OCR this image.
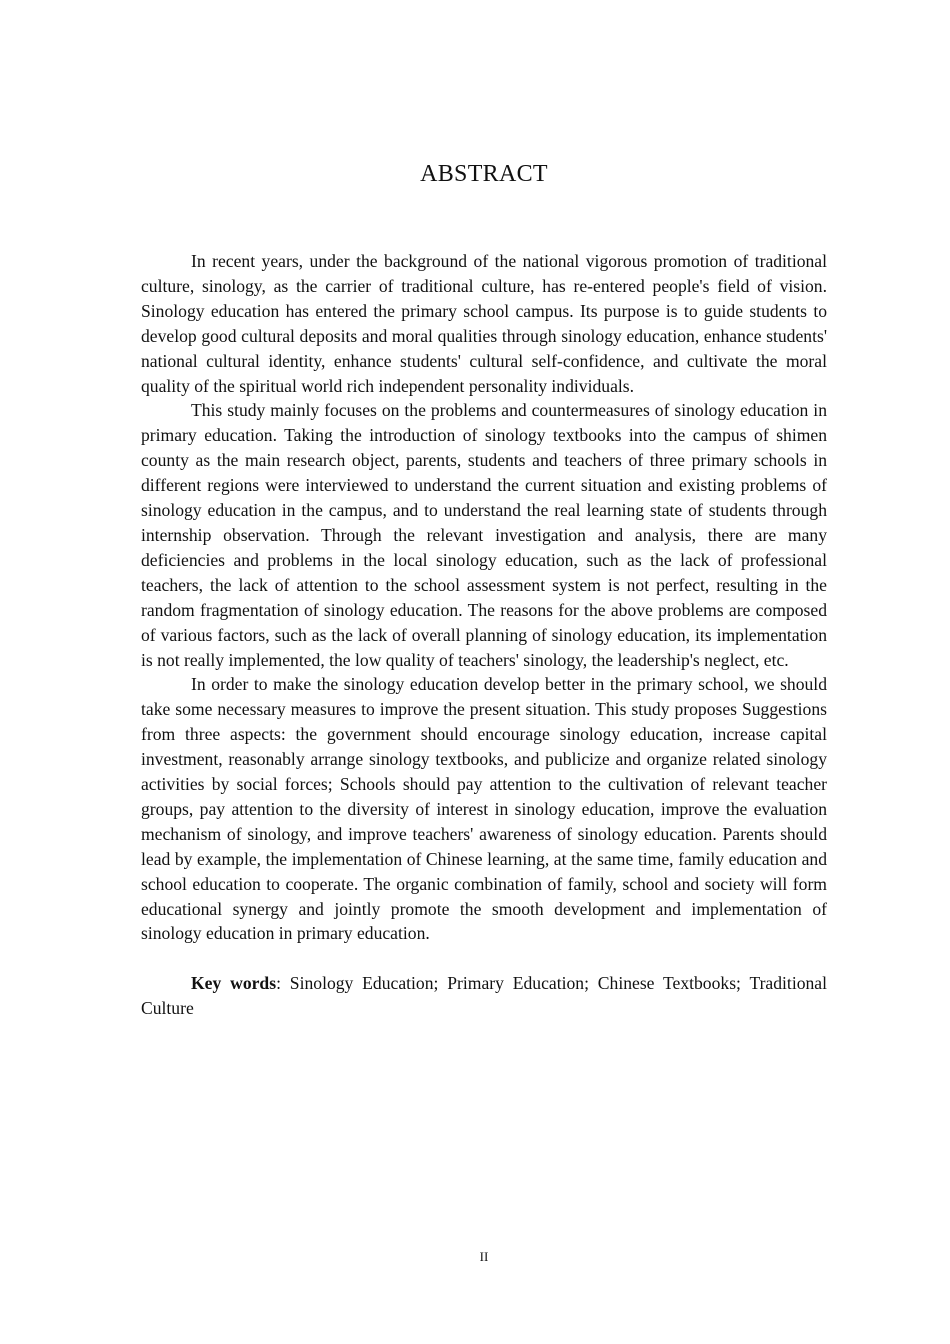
ABSTRACT

In recent years, under the background of the national vigorous promotion of traditional culture, sinology, as the carrier of traditional culture, has re-entered people's field of vision. Sinology education has entered the primary school campus. Its purpose is to guide students to develop good cultural deposits and moral qualities through sinology education, enhance students' national cultural identity, enhance students' cultural self-confidence, and cultivate the moral quality of the spiritual world rich independent personality individuals.

This study mainly focuses on the problems and countermeasures of sinology education in primary education. Taking the introduction of sinology textbooks into the campus of shimen county as the main research object, parents, students and teachers of three primary schools in different regions were interviewed to understand the current situation and existing problems of sinology education in the campus, and to understand the real learning state of students through internship observation. Through the relevant investigation and analysis, there are many deficiencies and problems in the local sinology education, such as the lack of professional teachers, the lack of attention to the school assessment system is not perfect, resulting in the random fragmentation of sinology education. The reasons for the above problems are composed of various factors, such as the lack of overall planning of sinology education, its implementation is not really implemented, the low quality of teachers' sinology, the leadership's neglect, etc.

In order to make the sinology education develop better in the primary school, we should take some necessary measures to improve the present situation. This study proposes Suggestions from three aspects: the government should encourage sinology education, increase capital investment, reasonably arrange sinology textbooks, and publicize and organize related sinology activities by social forces; Schools should pay attention to the cultivation of relevant teacher groups, pay attention to the diversity of interest in sinology education, improve the evaluation mechanism of sinology, and improve teachers' awareness of sinology education. Parents should lead by example, the implementation of Chinese learning, at the same time, family education and school education to cooperate. The organic combination of family, school and society will form educational synergy and jointly promote the smooth development and implementation of sinology education in primary education.

Key words: Sinology Education; Primary Education; Chinese Textbooks; Traditional Culture

II
